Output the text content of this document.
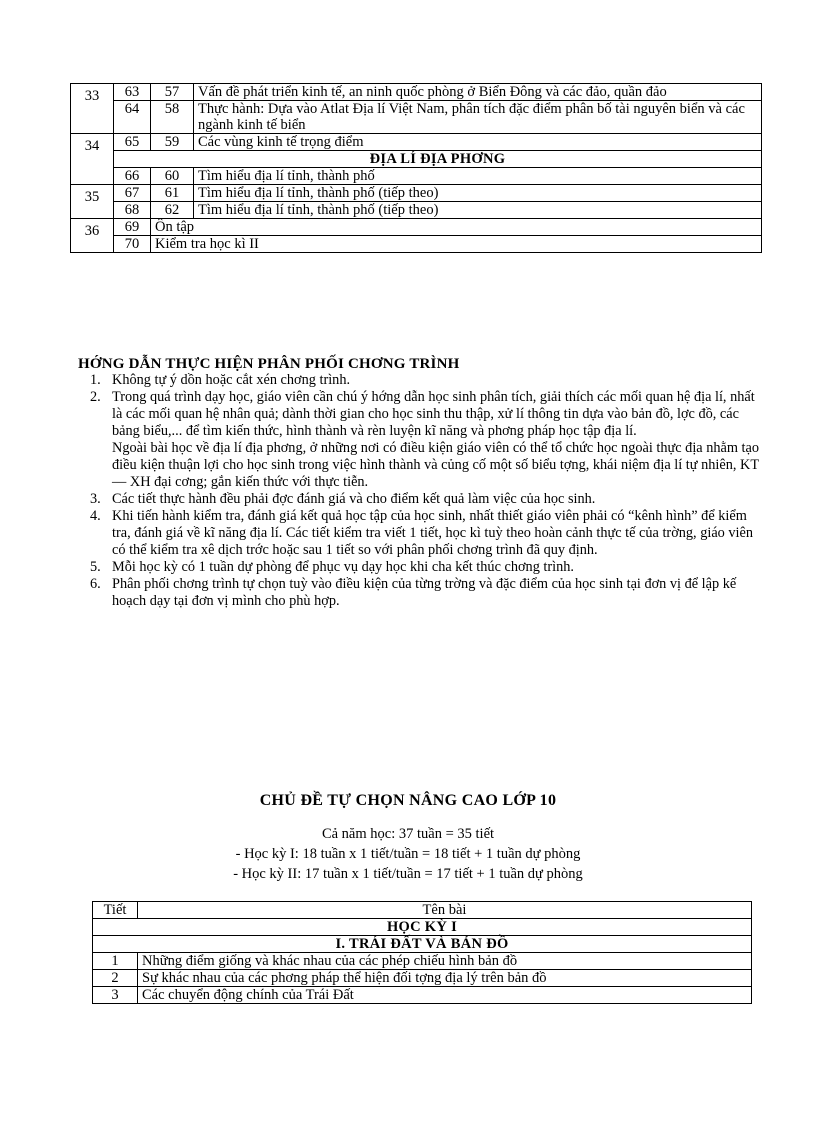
33	63	57	Vấn đề phát triển kinh tế, an ninh quốc phòng ở Biển Đông và các đảo, quần đảo
	64	58	Thực hành: Dựa vào Atlat Địa lí Việt Nam, phân tích đặc điểm phân bố tài nguyên biển và các ngành kinh tế biển
34	65	59	Các vùng kinh tế trọng điểm
	ĐỊA LÍ ĐỊA PHƠNG		
	66	60	Tìm hiểu địa lí tỉnh, thành phố
35	67	61	Tìm hiểu địa lí tỉnh, thành phố (tiếp theo)
	68	62	Tìm hiểu địa lí tỉnh, thành phố (tiếp theo)
36	69	Ôn tập	
	70	Kiểm tra học kì II	
HỚNG DẪN THỰC HIỆN PHÂN PHỐI CHƠNG TRÌNH
1. Không tự ý dồn hoặc cắt xén chơng trình.
2. Trong quá trình dạy học, giáo viên cần chú ý hớng dẫn học sinh phân tích, giải thích các mối quan hệ địa lí, nhất là các mối quan hệ nhân quả; dành thời gian cho học sinh thu thập, xử lí thông tin dựa vào bản đồ, lợc đồ, các bảng biểu,... để tìm kiến thức, hình thành và rèn luyện kĩ năng và phơng pháp học tập địa lí.
Ngoài bài học về địa lí địa phơng, ở những nơi có điều kiện giáo viên có thể tổ chức học ngoài thực địa nhằm tạo điều kiện thuận lợi cho học sinh trong việc hình thành và củng cố một số biểu tợng, khái niệm địa lí tự nhiên, KT — XH đại cơng; gắn kiến thức với thực tiễn.
3. Các tiết thực hành đều phải đợc đánh giá và cho điểm kết quả làm việc của học sinh.
4. Khi tiến hành kiểm tra, đánh giá kết quả học tập của học sinh, nhất thiết giáo viên phải có “kênh hình” để kiểm tra, đánh giá về kĩ năng địa lí. Các tiết kiểm tra viết 1 tiết, học kì tuỳ theo hoàn cảnh thực tế của trờng, giáo viên có thể kiểm tra xê dịch trớc hoặc sau 1 tiết so với phân phối chơng trình đã quy định.
5. Mỗi học kỳ có 1 tuần dự phòng để phục vụ dạy học khi cha kết thúc chơng trình.
6. Phân phối chơng trình tự chọn tuỳ vào điều kiện của từng trờng và đặc điểm của học sinh tại đơn vị để lập kế hoạch dạy tại đơn vị mình cho phù hợp.
CHỦ ĐỀ TỰ CHỌN NÂNG CAO LỚP 10
Cả năm học: 37 tuần = 35 tiết
- Học kỳ I: 18 tuần x 1 tiết/tuần = 18 tiết + 1 tuần dự phòng
- Học kỳ II: 17 tuần x 1 tiết/tuần = 17 tiết + 1 tuần dự phòng
Tiết	Tên bài
HỌC KỲ I	
I. TRÁI ĐẤT VÀ BẢN ĐỒ	
1	Những điểm giống và khác nhau của các phép chiếu hình bản đồ
2	Sự khác nhau của các phơng pháp thể hiện đối tợng địa lý trên bản đồ
3	Các chuyển động chính của Trái Đất
